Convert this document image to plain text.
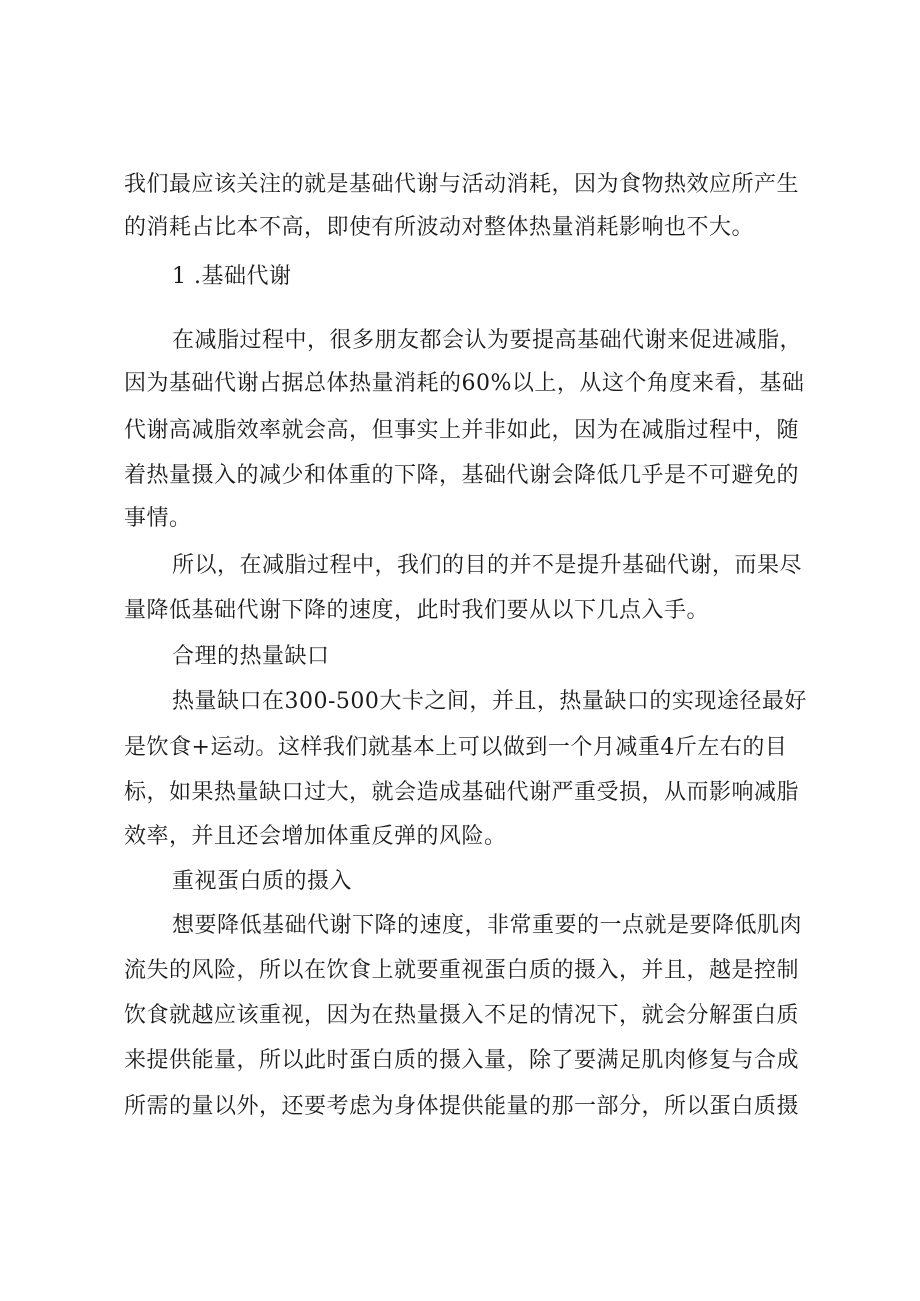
我们最应该关注的就是基础代谢与活动消耗，因为食物热效应所产生
的消耗占比本不高，即使有所波动对整体热量消耗影响也不大。
1 .基础代谢
在减脂过程中，很多朋友都会认为要提高基础代谢来促进减脂，
因为基础代谢占据总体热量消耗的60%以上，从这个角度来看，基础
代谢高减脂效率就会高，但事实上并非如此，因为在减脂过程中，随
着热量摄入的减少和体重的下降，基础代谢会降低几乎是不可避免的
事情。
所以，在减脂过程中，我们的目的并不是提升基础代谢，而果尽
量降低基础代谢下降的速度，此时我们要从以下几点入手。
合理的热量缺口
热量缺口在300-500大卡之间，并且，热量缺口的实现途径最好
是饮食+运动。这样我们就基本上可以做到一个月减重4斤左右的目
标，如果热量缺口过大，就会造成基础代谢严重受损，从而影响减脂
效率，并且还会增加体重反弹的风险。
重视蛋白质的摄入
想要降低基础代谢下降的速度，非常重要的一点就是要降低肌肉
流失的风险，所以在饮食上就要重视蛋白质的摄入，并且，越是控制
饮食就越应该重视，因为在热量摄入不足的情况下，就会分解蛋白质
来提供能量，所以此时蛋白质的摄入量，除了要满足肌肉修复与合成
所需的量以外，还要考虑为身体提供能量的那一部分，所以蛋白质摄
